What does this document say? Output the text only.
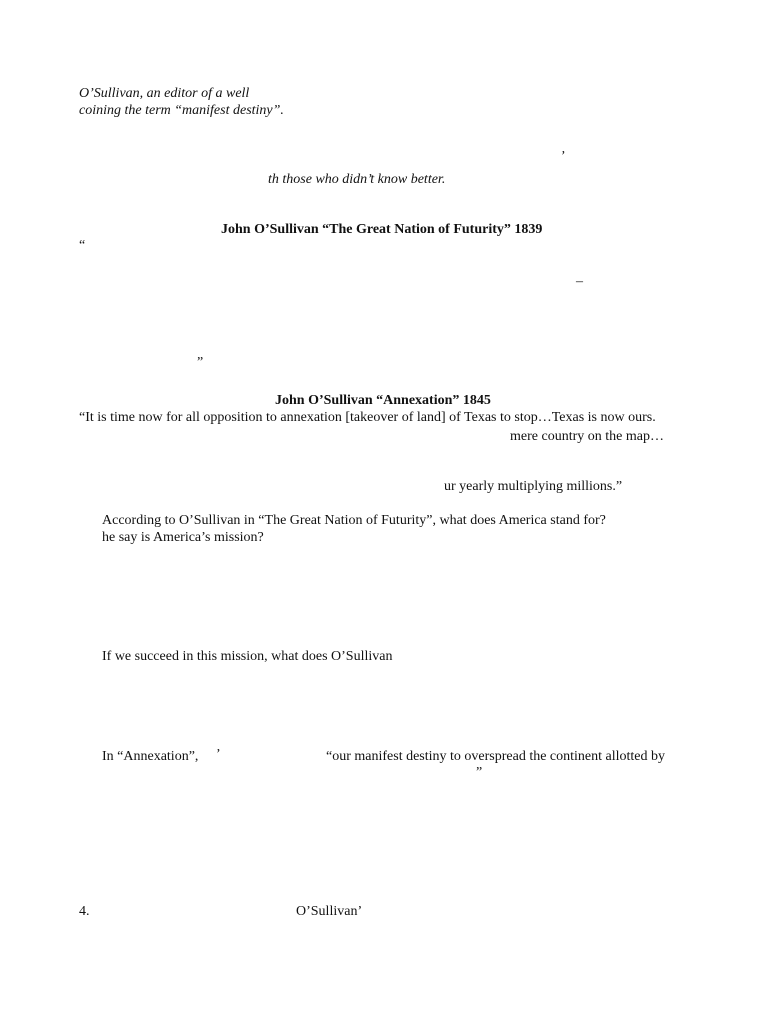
O’Sullivan, an editor of a well
coining the term “manifest destiny”.
’
th those who didn’t know better.
John O’Sullivan “The Great Nation of Futurity” 1839
“
–
”
John O’Sullivan “Annexation” 1845
“It is time now for all opposition to annexation [takeover of land] of Texas to stop…Texas is now ours.
mere country on the map…
ur yearly multiplying millions.”
According to O’Sullivan in “The Great Nation of Futurity”, what does America stand for?
he say is America’s mission?
If we succeed in this mission, what does O’Sullivan
In “Annexation”, ’	“our manifest destiny to overspread the continent allotted by
”
4.	O’Sullivan’
